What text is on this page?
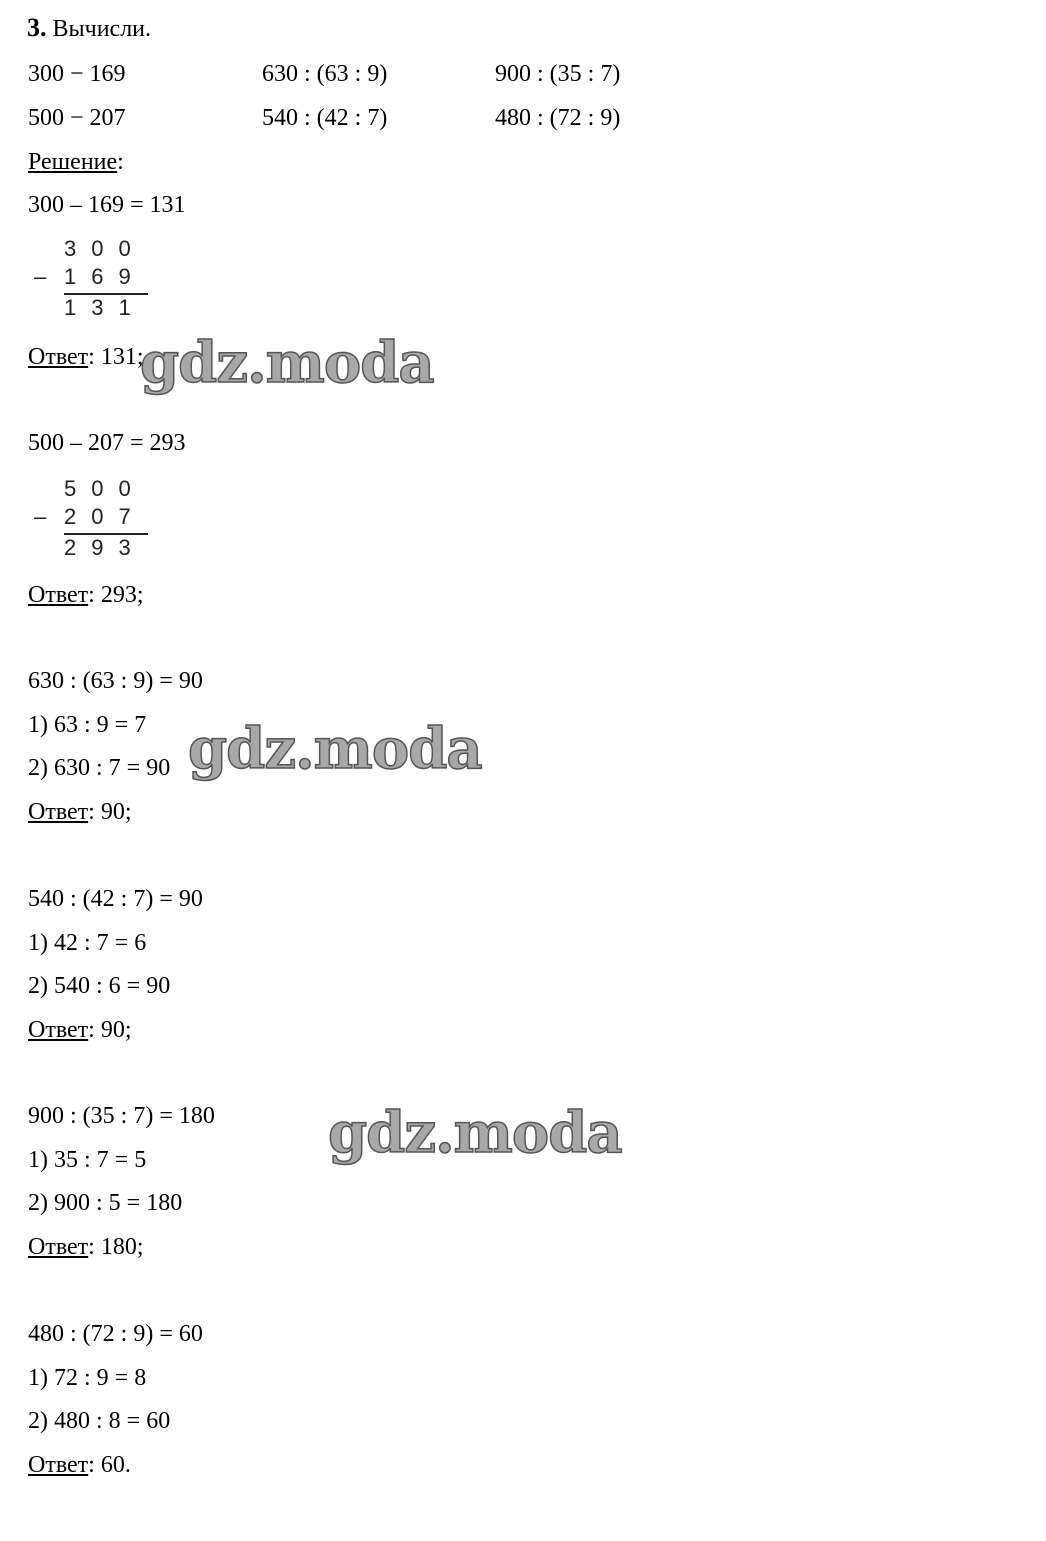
3. Вычисли.
300 − 169	630 : (63 : 9)	900 : (35 : 7)
500 − 207	540 : (42 : 7)	480 : (72 : 9)
Решение:
300 – 169 = 131
–
300
169
131
Ответ: 131;
500 – 207 = 293
–
500
207
293
Ответ: 293;
630 : (63 : 9) = 90
1) 63 : 9 = 7
2) 630 : 7 = 90
Ответ: 90;
540 : (42 : 7) = 90
1) 42 : 7 = 6
2) 540 : 6 = 90
Ответ: 90;
900 : (35 : 7) = 180
1) 35 : 7 = 5
2) 900 : 5 = 180
Ответ: 180;
480 : (72 : 9) = 60
1) 72 : 9 = 8
2) 480 : 8 = 60
Ответ: 60.
gdz.moda
gdz.moda
gdz.moda
